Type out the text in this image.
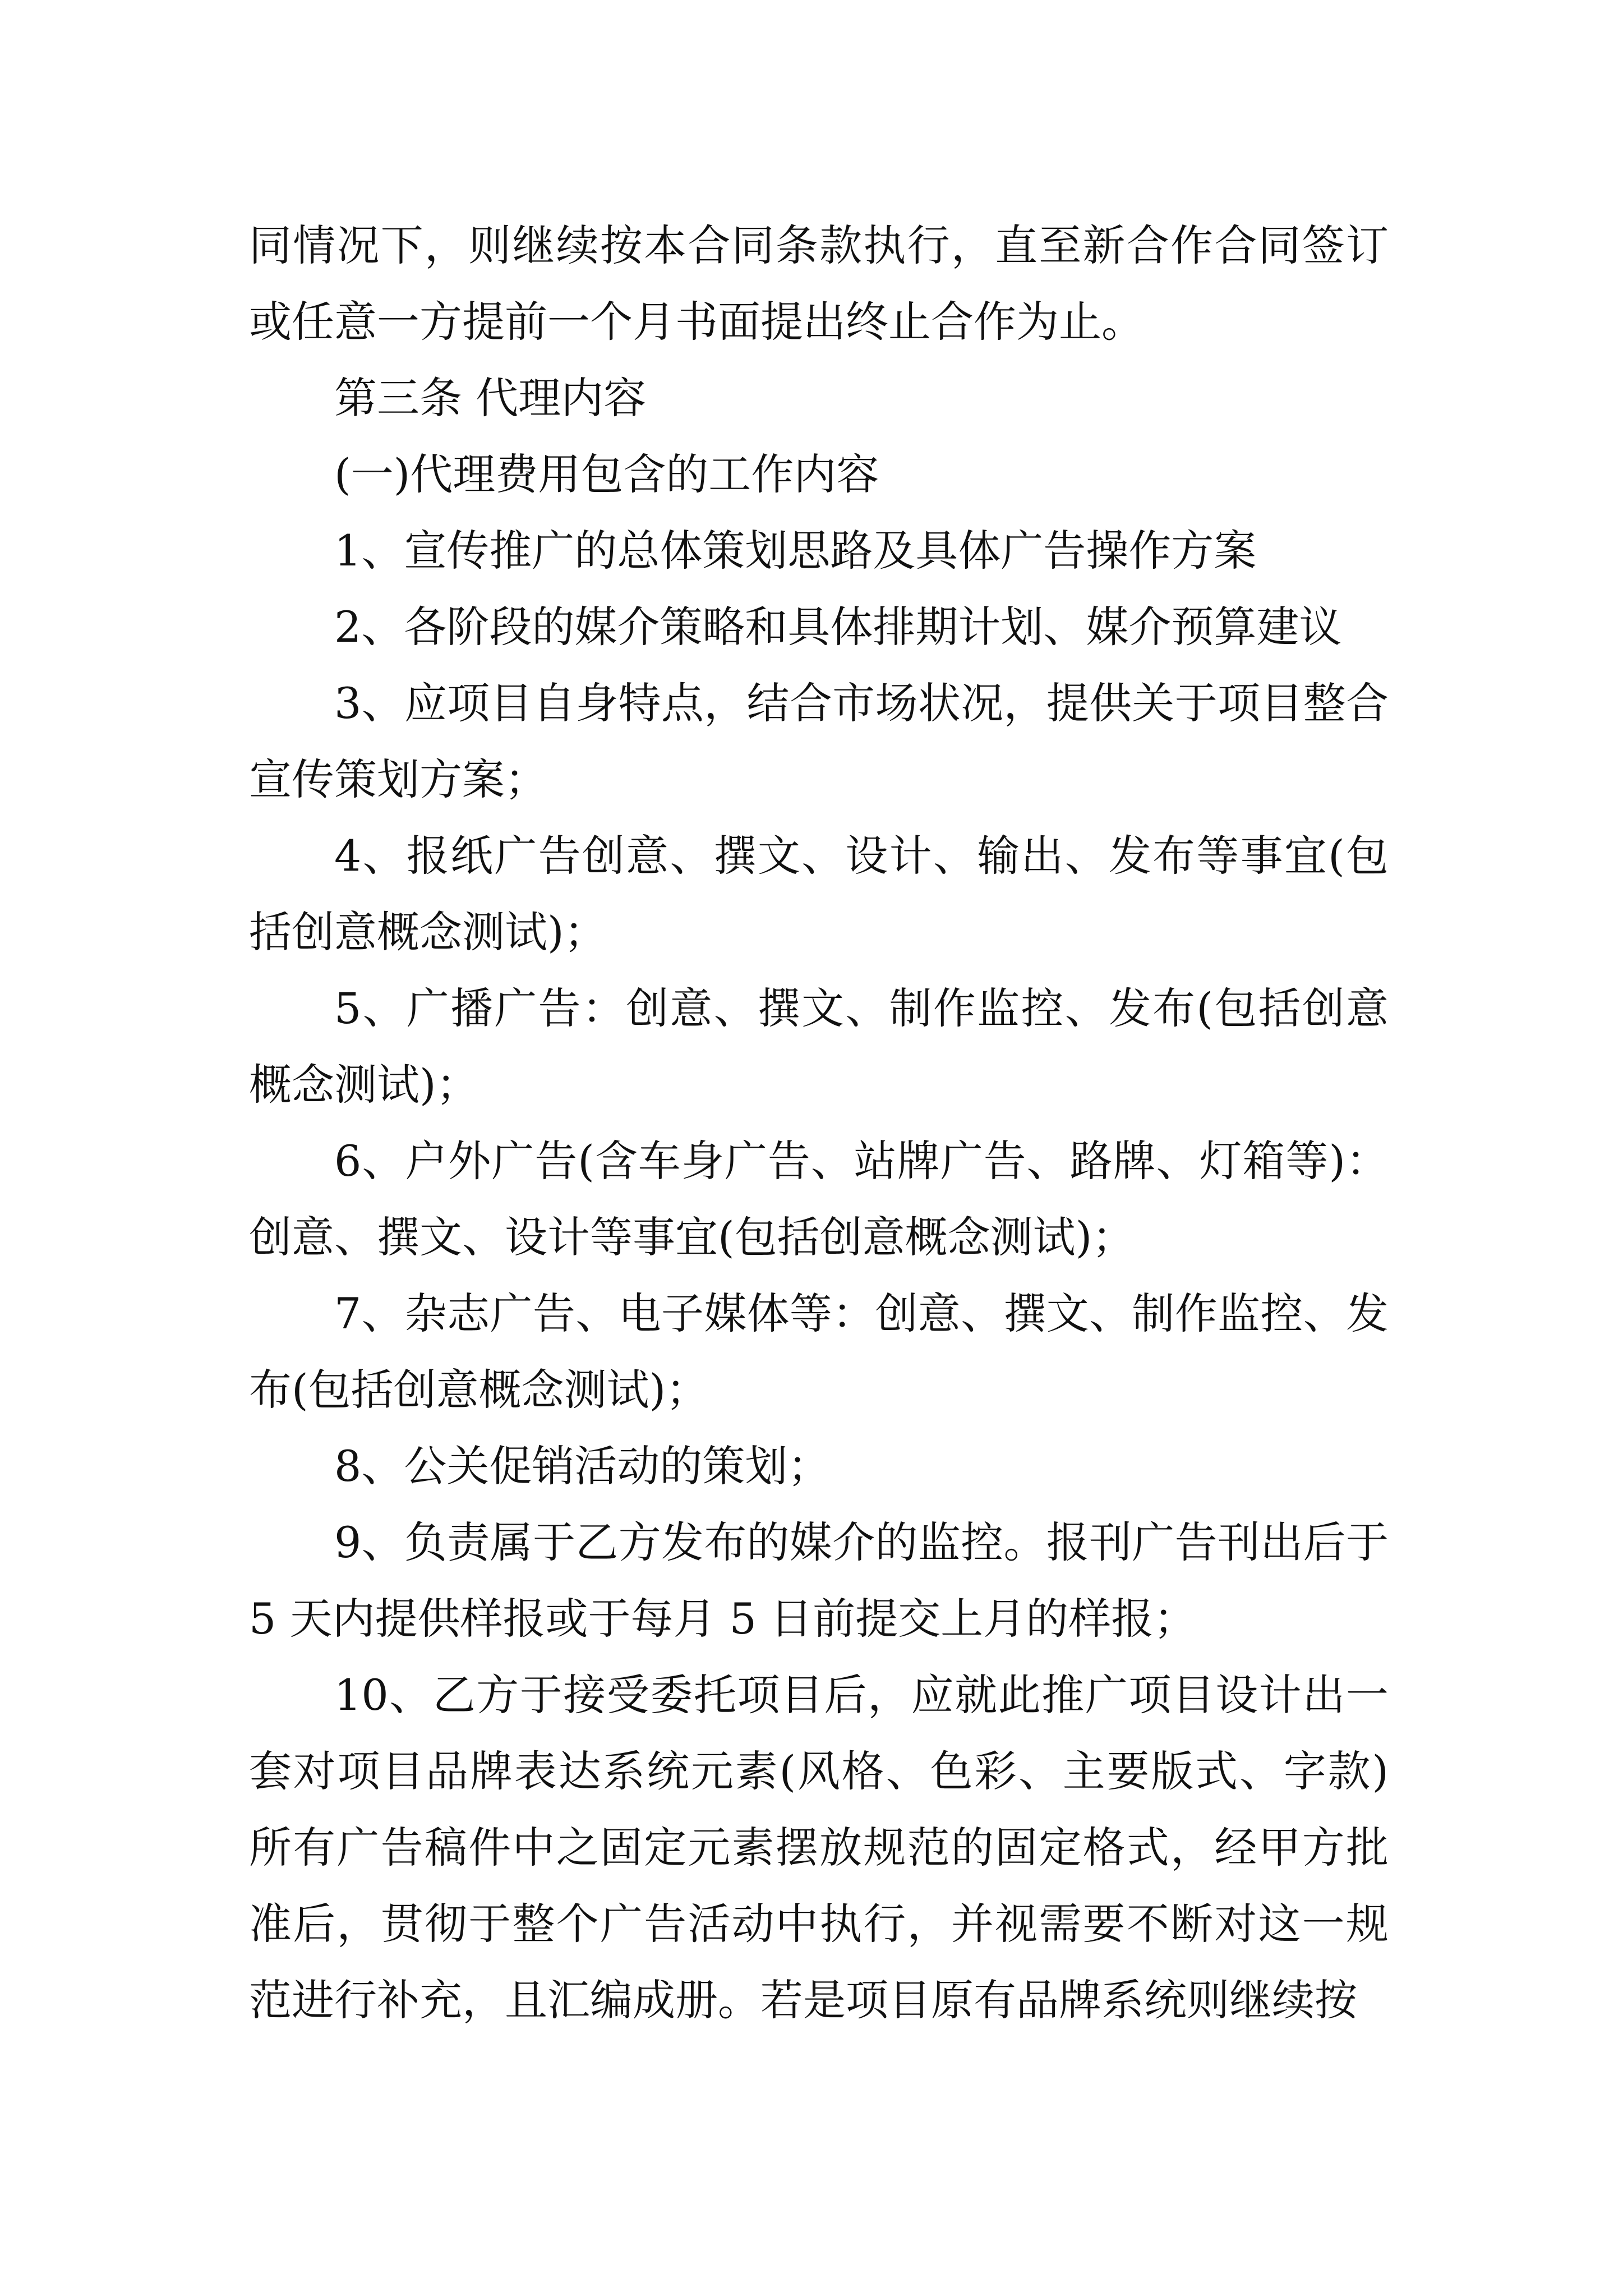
同情况下，则继续按本合同条款执行，直至新合作合同签订或任意一方提前一个月书面提出终止合作为止。

第三条 代理内容

(一)代理费用包含的工作内容

1、宣传推广的总体策划思路及具体广告操作方案

2、各阶段的媒介策略和具体排期计划、媒介预算建议

3、应项目自身特点，结合市场状况，提供关于项目整合宣传策划方案；

4、报纸广告创意、撰文、设计、输出、发布等事宜(包括创意概念测试)；

5、广播广告：创意、撰文、制作监控、发布(包括创意概念测试)；

6、户外广告(含车身广告、站牌广告、路牌、灯箱等)：创意、撰文、设计等事宜(包括创意概念测试)；

7、杂志广告、电子媒体等：创意、撰文、制作监控、发布(包括创意概念测试)；

8、公关促销活动的策划；

9、负责属于乙方发布的媒介的监控。报刊广告刊出后于 5 天内提供样报或于每月 5 日前提交上月的样报；

10、乙方于接受委托项目后，应就此推广项目设计出一套对项目品牌表达系统元素(风格、色彩、主要版式、字款)所有广告稿件中之固定元素摆放规范的固定格式，经甲方批准后，贯彻于整个广告活动中执行，并视需要不断对这一规范进行补充，且汇编成册。若是项目原有品牌系统则继续按
